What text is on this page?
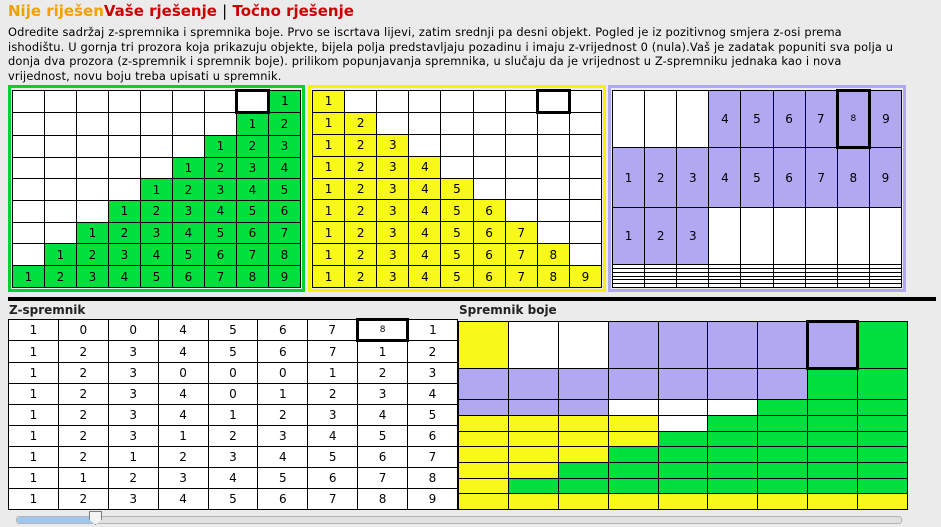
Nije riješenVaše rješenje | Točno rješenje
Odredite sadržaj z-spremnika i spremnika boje. Prvo se iscrtava lijevi, zatim srednji pa desni objekt. Pogled je iz pozitivnog smjera z-osi prema ishodištu. U gornja tri prozora koja prikazuju objekte, bijela polja predstavljaju pozadinu i imaju z-vrijednost 0 (nula).Vaš je zadatak popuniti sva polja u donja dva prozora (z-spremnik i spremnik boje). prilikom popunjavanja spremnika, u slučaju da je vrijednost u Z-spremniku jednaka kao i nova vrijednost, novu boju treba upisati u spremnik.
								1
							1	2
						1	2	3
					1	2	3	4
				1	2	3	4	5
			1	2	3	4	5	6
		1	2	3	4	5	6	7
	1	2	3	4	5	6	7	8
1	2	3	4	5	6	7	8	9
1								
1	2							
1	2	3						
1	2	3	4					
1	2	3	4	5				
1	2	3	4	5	6			
1	2	3	4	5	6	7		
1	2	3	4	5	6	7	8	
1	2	3	4	5	6	7	8	9
			4	5	6	7	8	9
1	2	3	4	5	6	7	8	9
1	2	3						

Z-spremnik	Spremnik boje
1	0	0	4	5	6	7	8	1
1	2	3	4	5	6	7	1	2
1	2	3	0	0	0	1	2	3
1	2	3	4	0	1	2	3	4
1	2	3	4	1	2	3	4	5
1	2	3	1	2	3	4	5	6
1	2	1	2	3	4	5	6	7
1	1	2	3	4	5	6	7	8
1	2	3	4	5	6	7	8	9
